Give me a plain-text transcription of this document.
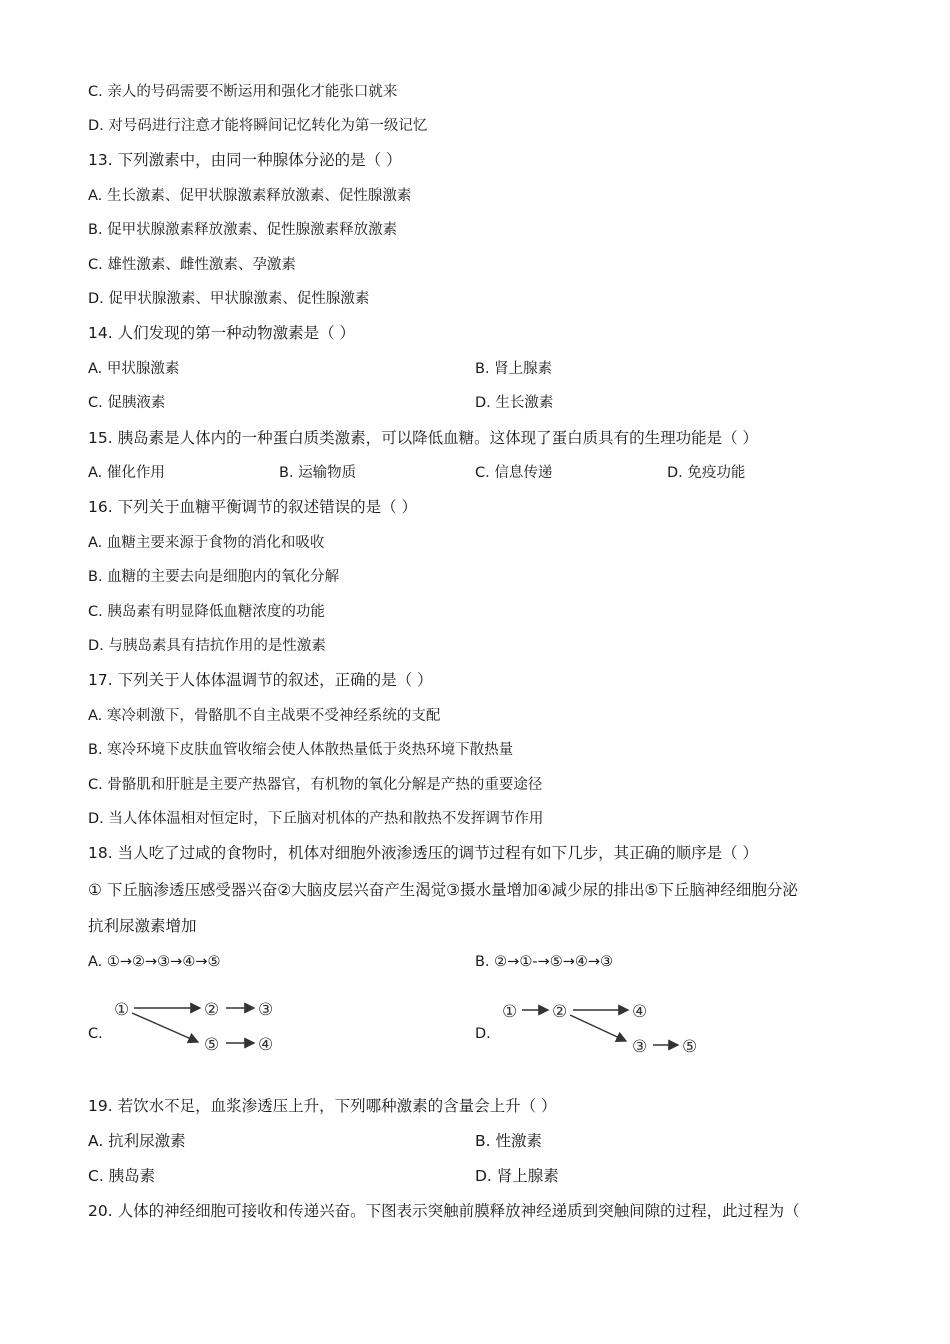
C. 亲人的号码需要不断运用和强化才能张口就来
D. 对号码进行注意才能将瞬间记忆转化为第一级记忆
13. 下列激素中，由同一种腺体分泌的是（ ）
A. 生长激素、促甲状腺激素释放激素、促性腺激素
B. 促甲状腺激素释放激素、促性腺激素释放激素
C. 雄性激素、雌性激素、孕激素
D. 促甲状腺激素、甲状腺激素、促性腺激素
14. 人们发现的第一种动物激素是（ ）
A. 甲状腺激素	B. 肾上腺素
C. 促胰液素	D. 生长激素
15. 胰岛素是人体内的一种蛋白质类激素，可以降低血糖。这体现了蛋白质具有的生理功能是（ ）
A. 催化作用	B. 运输物质	C. 信息传递	D. 免疫功能
16. 下列关于血糖平衡调节的叙述错误的是（ ）
A. 血糖主要来源于食物的消化和吸收
B. 血糖的主要去向是细胞内的氧化分解
C. 胰岛素有明显降低血糖浓度的功能
D. 与胰岛素具有拮抗作用的是性激素
17. 下列关于人体体温调节的叙述，正确的是（ ）
A. 寒冷刺激下，骨骼肌不自主战栗不受神经系统的支配
B. 寒冷环境下皮肤血管收缩会使人体散热量低于炎热环境下散热量
C. 骨骼肌和肝脏是主要产热器官，有机物的氧化分解是产热的重要途径
D. 当人体体温相对恒定时，下丘脑对机体的产热和散热不发挥调节作用
18. 当人吃了过咸的食物时，机体对细胞外液渗透压的调节过程有如下几步，其正确的顺序是（ ）
① 下丘脑渗透压感受器兴奋②大脑皮层兴奋产生渴觉③摄水量增加④减少尿的排出⑤下丘脑神经细胞分泌
抗利尿激素增加
A. ①→②→③→④→⑤	B. ②→①-→⑤→④→③
C.	D.
①	② ③
⑤ ④
① ②	④
③ ⑤
19. 若饮水不足，血浆渗透压上升，下列哪种激素的含量会上升（ ）
A. 抗利尿激素	B. 性激素
C. 胰岛素	D. 肾上腺素
20. 人体的神经细胞可接收和传递兴奋。下图表示突触前膜释放神经递质到突触间隙的过程，此过程为（
